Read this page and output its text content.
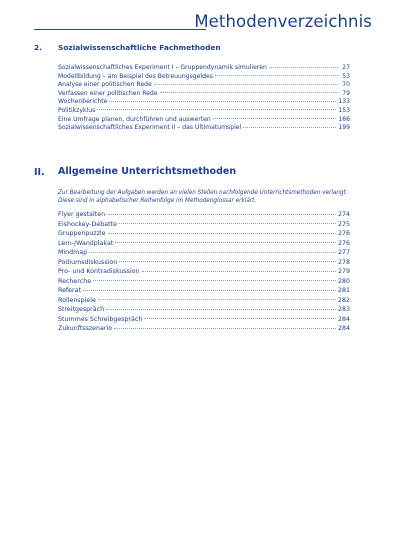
Methodenverzeichnis
2. Sozialwissenschaftliche Fachmethoden
Sozialwissenschaftliches Experiment I – Gruppendynamik simulieren	27
Modellbildung – am Beispiel des Betreuungsgeldes	53
Analyse einer politischen Rede	70
Verfassen einer politischen Rede	79
Wochenberichte	133
Politikzyklus	153
Eine Umfrage planen, durchführen und auswerten	166
Sozialwissenschaftliches Experiment II – das Ultimatumspiel	199
II. Allgemeine Unterrichtsmethoden

Zur Bearbeitung der Aufgaben werden an vielen Stellen nachfolgende Unterrichtsmethoden verlangt. Diese sind in alphabetischer Reihenfolge im Methodenglossar erklärt.

Flyer gestalten	274
Eishockey-Debatte	275
Gruppenpuzzle	276
Lern-/Wandplakat	276
Mindmap	277
Podiumsdiskussion	278
Pro- und Kontradiskussion	279
Recherche	280
Referat	281
Rollenspiele	282
Streitgespräch	283
Stummes Schreibgespräch	284
Zukunftsszenario	284
